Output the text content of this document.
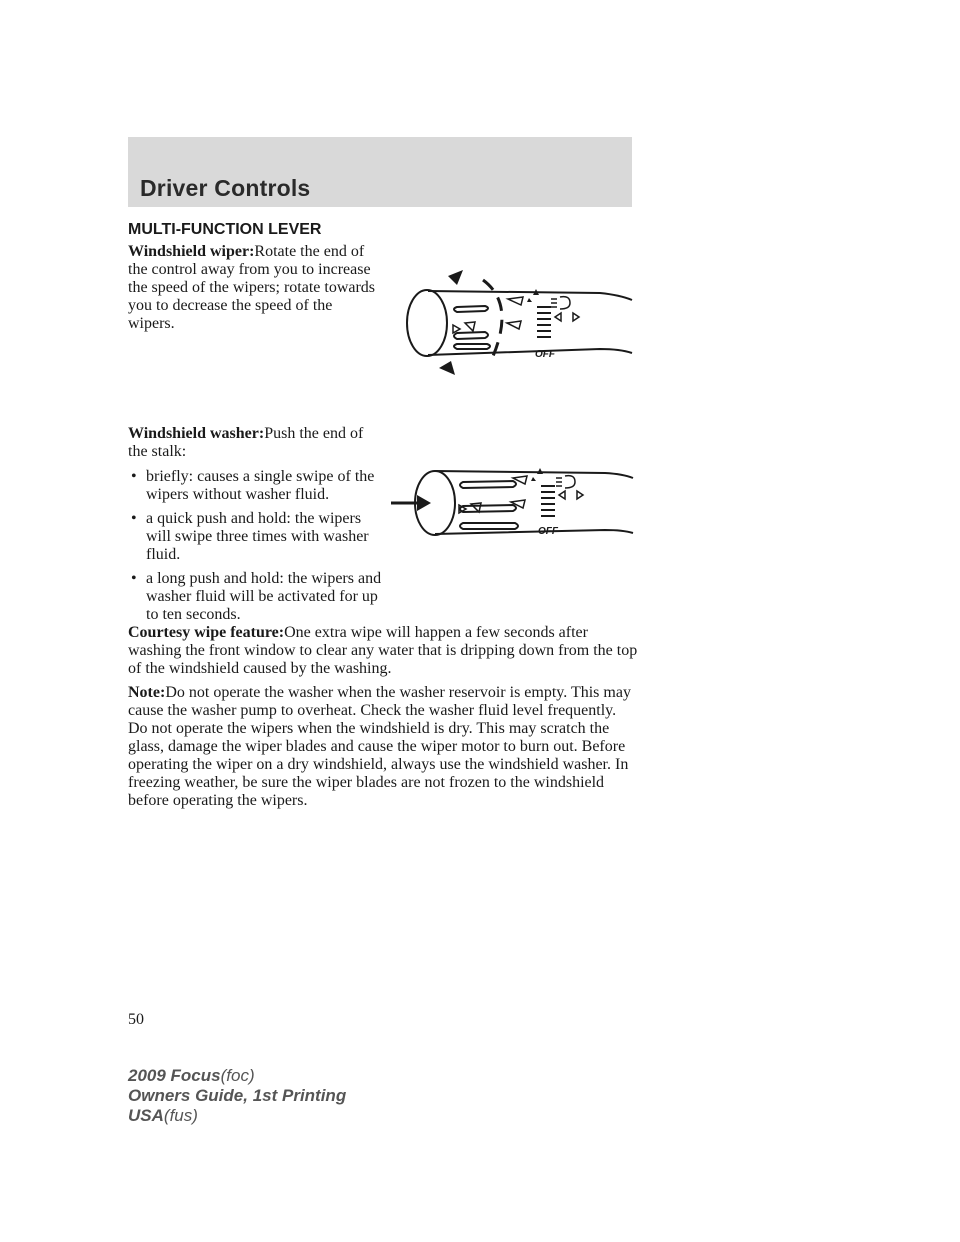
Driver Controls
MULTI-FUNCTION LEVER

Windshield wiper:Rotate the end of the control away from you to increase the speed of the wipers; rotate towards you to decrease the speed of the wipers.

Windshield washer:Push the end of the stalk:

• briefly: causes a single swipe of the wipers without washer fluid.
• a quick push and hold: the wipers will swipe three times with washer fluid.
• a long push and hold: the wipers and washer fluid will be activated for up to ten seconds.

Courtesy wipe feature:One extra wipe will happen a few seconds after washing the front window to clear any water that is dripping down from the top of the windshield caused by the washing.

Note:Do not operate the washer when the washer reservoir is empty. This may cause the washer pump to overheat. Check the washer fluid level frequently. Do not operate the wipers when the windshield is dry. This may scratch the glass, damage the wiper blades and cause the wiper motor to burn out. Before operating the wiper on a dry windshield, always use the windshield washer. In freezing weather, be sure the wiper blades are not frozen to the windshield before operating the wipers.

OFF
OFF
50
2009 Focus(foc)
Owners Guide, 1st Printing
USA(fus)
